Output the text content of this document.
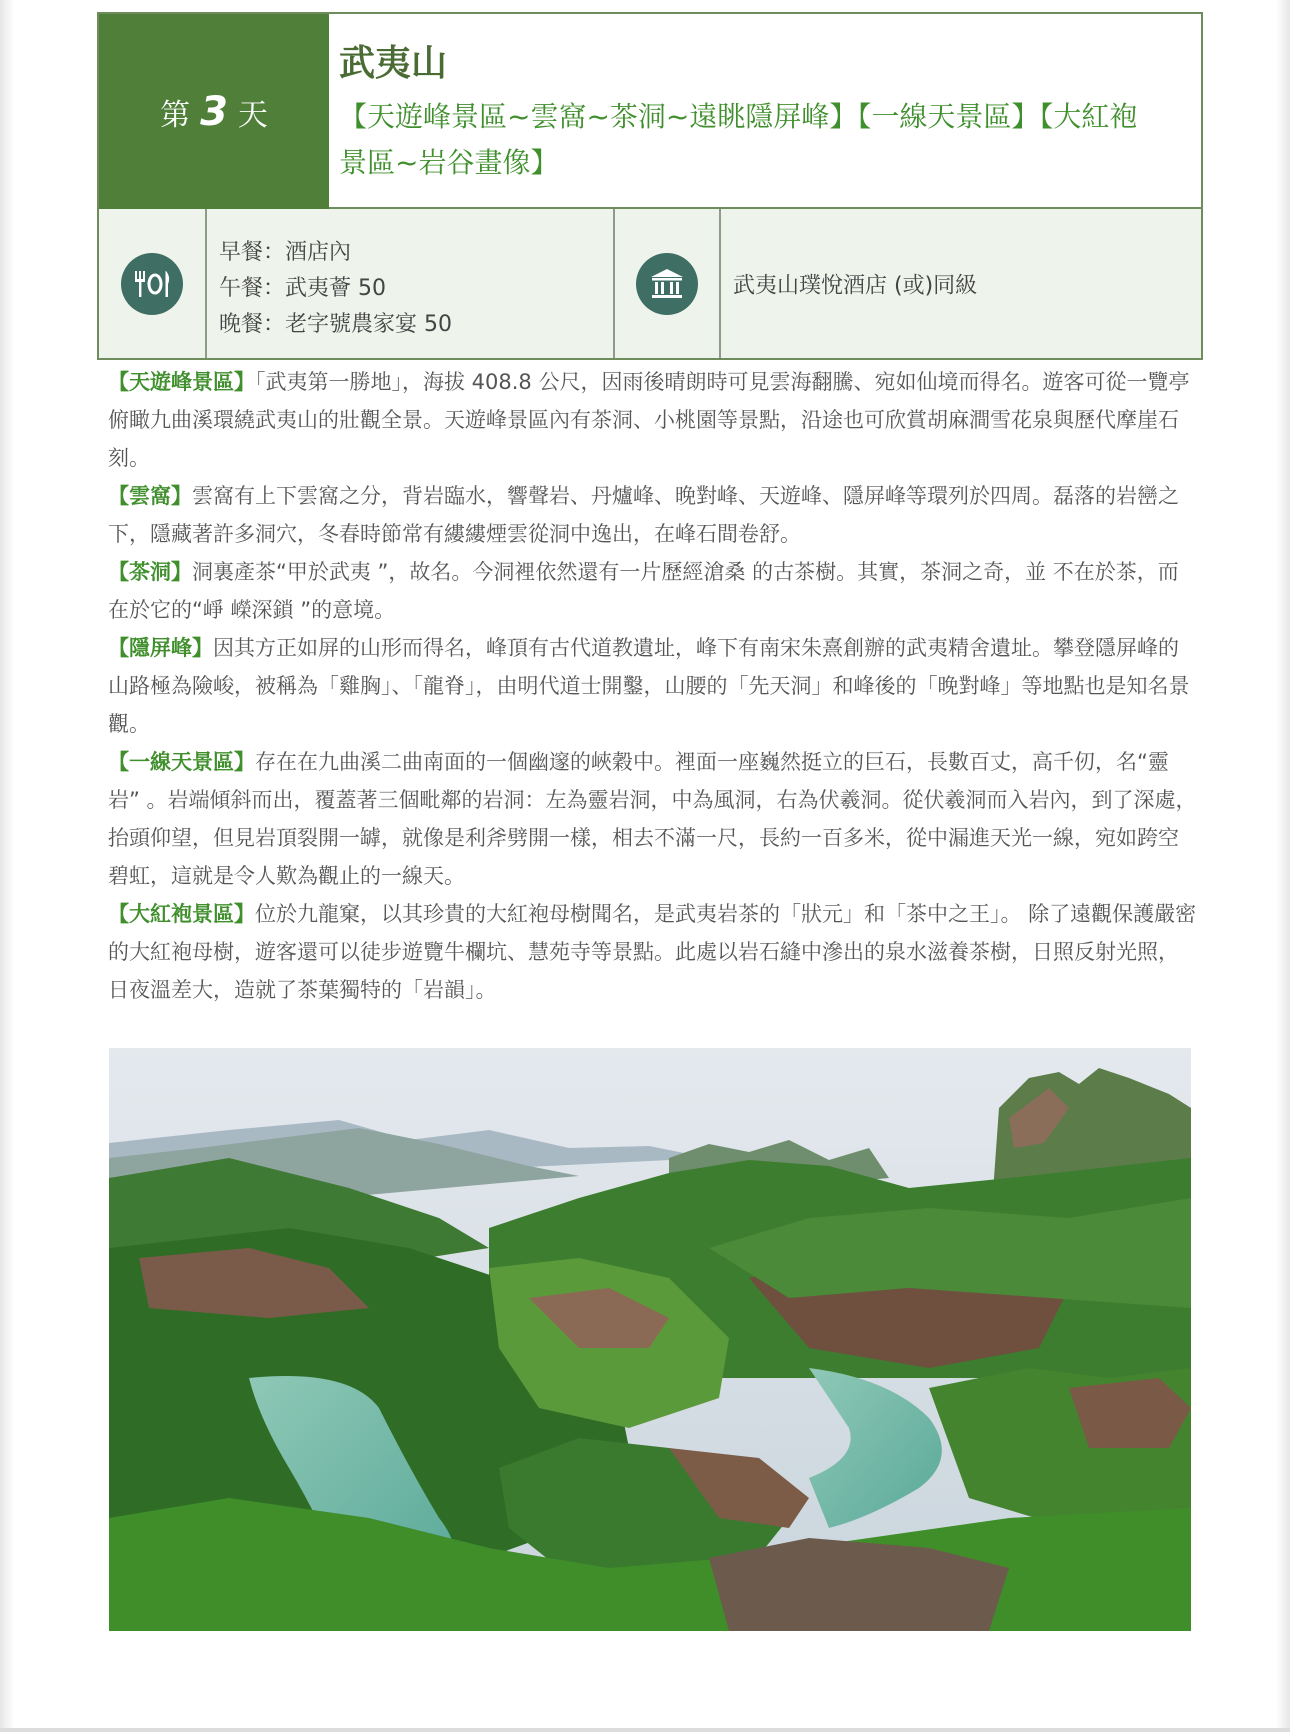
第 3 天
武夷山
【天遊峰景區~雲窩~茶洞~遠眺隱屏峰】【一線天景區】【大紅袍
景區~岩谷畫像】
早餐：酒店內
午餐：武夷薈 50
晚餐：老字號農家宴 50
武夷山璞悅酒店 (或)同級

【天遊峰景區】「武夷第一勝地」，海拔 408.8 公尺，因雨後晴朗時可見雲海翻騰、宛如仙境而得名。遊客可從一覽亭俯瞰九曲溪環繞武夷山的壯觀全景。天遊峰景區內有茶洞、小桃園等景點，沿途也可欣賞胡麻澗雪花泉與歷代摩崖石刻。

【雲窩】雲窩有上下雲窩之分，背岩臨水，響聲岩、丹爐峰、晚對峰、天遊峰、隱屏峰等環列於四周。磊落的岩巒之下，隱藏著許多洞穴，冬春時節常有縷縷煙雲從洞中逸出，在峰石間卷舒。

【茶洞】洞裏產茶“甲於武夷 ”，故名。今洞裡依然還有一片歷經滄桑 的古茶樹。其實，茶洞之奇，並 不在於茶，而在於它的“崢 嶸深鎖 ”的意境。

【隱屏峰】因其方正如屏的山形而得名，峰頂有古代道教遺址，峰下有南宋朱熹創辦的武夷精舍遺址。攀登隱屏峰的山路極為險峻，被稱為「雞胸」、「龍脊」，由明代道士開鑿，山腰的「先天洞」和峰後的「晚對峰」等地點也是知名景觀。

【一線天景區】存在在九曲溪二曲南面的一個幽邃的峽穀中。裡面一座巍然挺立的巨石，長數百丈，高千仞，名“靈岩” 。岩端傾斜而出，覆蓋著三個毗鄰的岩洞：左為靈岩洞，中為風洞，右為伏羲洞。從伏羲洞而入岩內，到了深處，抬頭仰望，但見岩頂裂開一罅，就像是利斧劈開一樣，相去不滿一尺，長約一百多米，從中漏進天光一線，宛如跨空碧虹，這就是令人歎為觀止的一線天。

【大紅袍景區】位於九龍窠，以其珍貴的大紅袍母樹聞名，是武夷岩茶的「狀元」和「茶中之王」。 除了遠觀保護嚴密的大紅袍母樹，遊客還可以徒步遊覽牛欄坑、慧苑寺等景點。此處以岩石縫中滲出的泉水滋養茶樹，日照反射光照，日夜溫差大，造就了茶葉獨特的「岩韻」。
